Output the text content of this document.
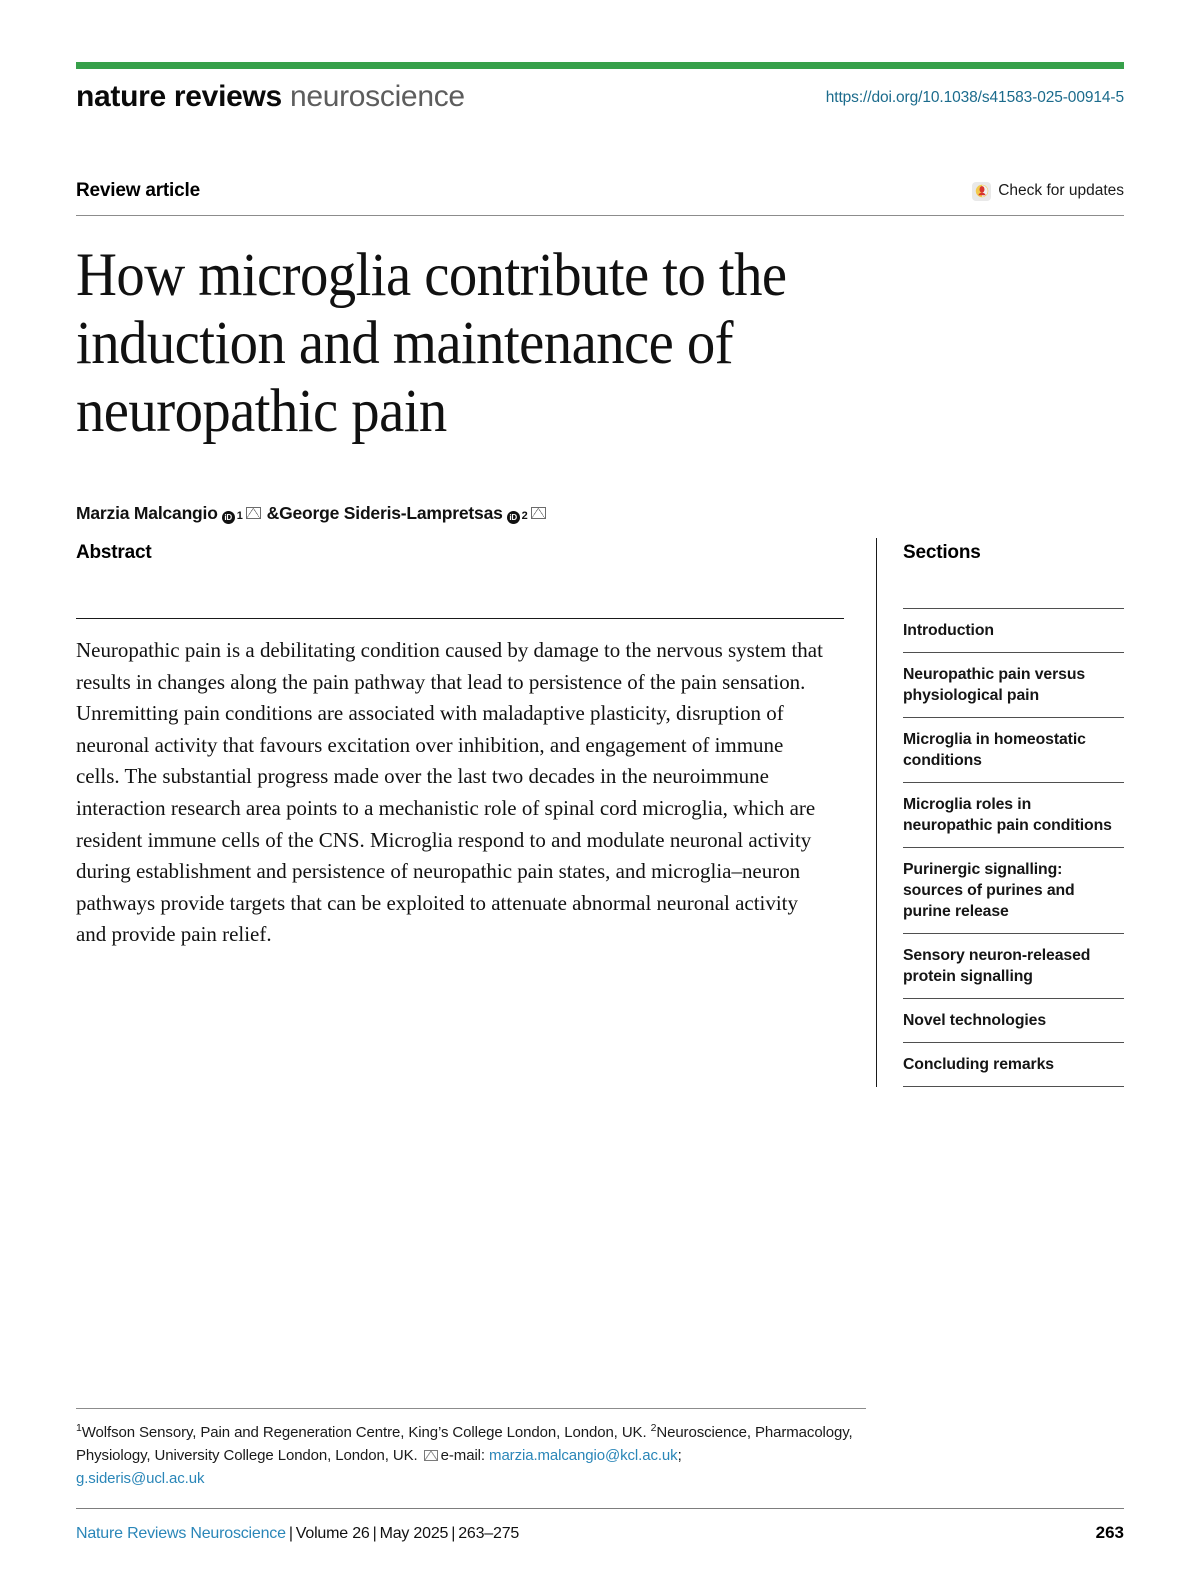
nature reviews neuroscience	https://doi.org/10.1038/s41583-025-00914-5
Review article	Check for updates
How microglia contribute to the induction and maintenance of neuropathic pain
Marzia Malcangio iD 1 & George Sideris-Lampretsas iD 2
Abstract

Neuropathic pain is a debilitating condition caused by damage to the nervous system that results in changes along the pain pathway that lead to persistence of the pain sensation. Unremitting pain conditions are associated with maladaptive plasticity, disruption of neuronal activity that favours excitation over inhibition, and engagement of immune cells. The substantial progress made over the last two decades in the neuroimmune interaction research area points to a mechanistic role of spinal cord microglia, which are resident immune cells of the CNS. Microglia respond to and modulate neuronal activity during establishment and persistence of neuropathic pain states, and microglia–neuron pathways provide targets that can be exploited to attenuate abnormal neuronal activity and provide pain relief.

Sections
Introduction
Neuropathic pain versus physiological pain
Microglia in homeostatic conditions
Microglia roles in neuropathic pain conditions
Purinergic signalling: sources of purines and purine release
Sensory neuron-released protein signalling
Novel technologies
Concluding remarks
$^1$Wolfson Sensory, Pain and Regeneration Centre, King’s College London, London, UK. $^2$Neuroscience, Pharmacology, Physiology, University College London, London, UK. e-mail: marzia.malcangio@kcl.ac.uk;
g.sideris@ucl.ac.uk
Nature Reviews Neuroscience | Volume 26 | May 2025 | 263–275	263
